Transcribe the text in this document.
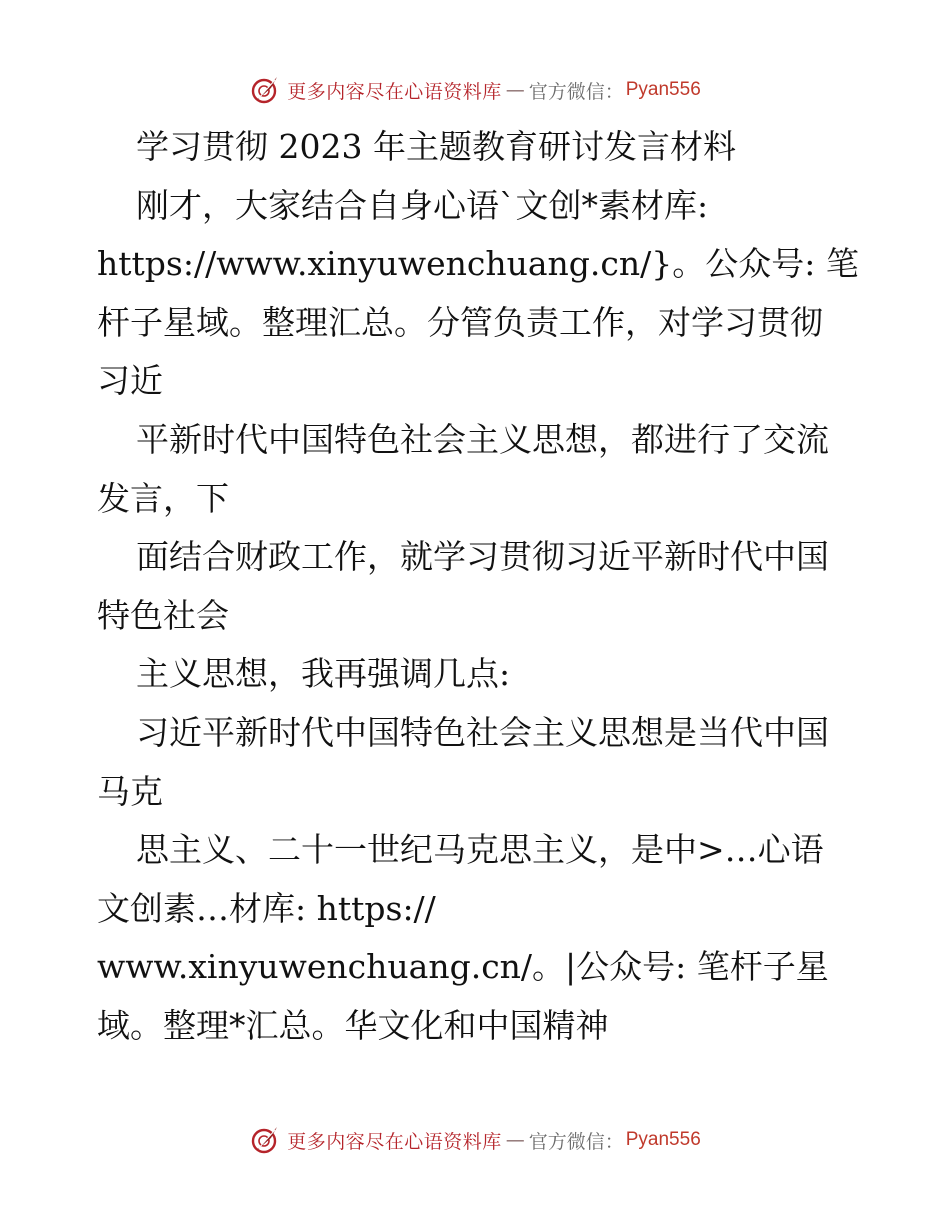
更多内容尽在心语资料库 — 官方微信： Pyan556
学习贯彻 2023 年主题教育研讨发言材料
刚才，大家结合自身心语`文创*素材库:
https://www.xinyuwenchuang.cn/}。公众号: 笔
杆子星域。整理汇总。分管负责工作，对学习贯彻
习近
平新时代中国特色社会主义思想，都进行了交流
发言，下
面结合财政工作，就学习贯彻习近平新时代中国
特色社会
主义思想，我再强调几点:
习近平新时代中国特色社会主义思想是当代中国
马克
思主义、二十一世纪马克思主义，是中>…心语
文创素…材库: https://
www.xinyuwenchuang.cn/。|公众号: 笔杆子星
域。整理*汇总。华文化和中国精神
更多内容尽在心语资料库 — 官方微信： Pyan556
